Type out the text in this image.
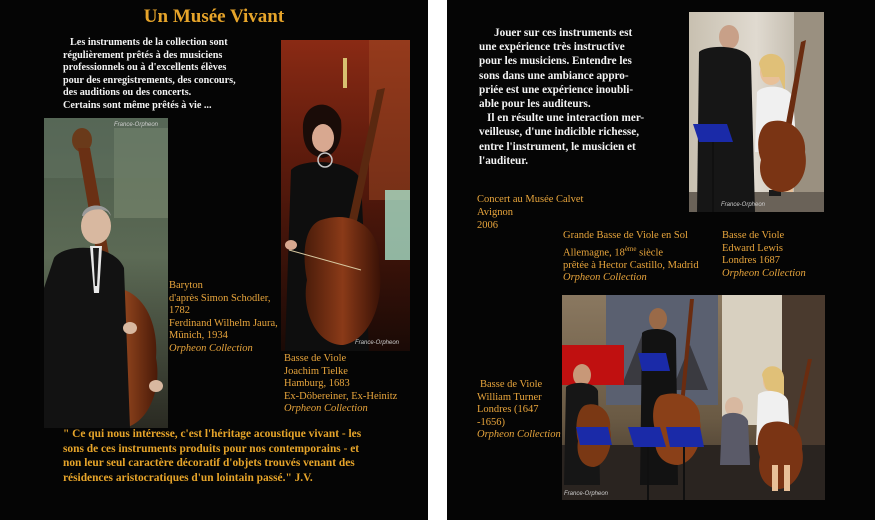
Un Musée Vivant
Les instruments de la collection sont
régulièrement prêtés à des musiciens
professionnels ou à d'excellents élèves
pour des enregistrements, des concours,
des auditions ou des concerts.
Certains sont même prêtés à vie ...
France-Orpheon
France-Orpheon
Baryton
d'après Simon Schodler,
1782
Ferdinand Wilhelm Jaura,
Münich, 1934
Orpheon Collection
Basse de Viole
Joachim Tielke
Hamburg, 1683
Ex-Döbereiner, Ex-Heinitz
Orpheon Collection
" Ce qui nous intéresse, c'est l'héritage acoustique vivant - les
sons de ces instruments produits pour nos contemporains - et
non leur seul caractère décoratif d'objets trouvés venant des
résidences aristocratiques d'un lointain passé." J.V.
Jouer sur ces instruments est
une expérience très instructive
pour les musiciens. Entendre les
sons dans une ambiance appro-
priée est une expérience inoubli-
able pour les auditeurs.
Il en résulte une interaction mer-
veilleuse, d'une indicible richesse,
entre l'instrument, le musicien et
l'auditeur.
Concert au Musée Calvet
Avignon
2006
France-Orpheon
Grande Basse de Viole en Sol
Allemagne, 18ème siècle
prêtée à Hector Castillo, Madrid
Orpheon Collection
Basse de Viole
Edward Lewis
Londres 1687
Orpheon Collection
Basse de Viole
William Turner
Londres (1647 -1656)
Orpheon Collection
France-Orpheon
